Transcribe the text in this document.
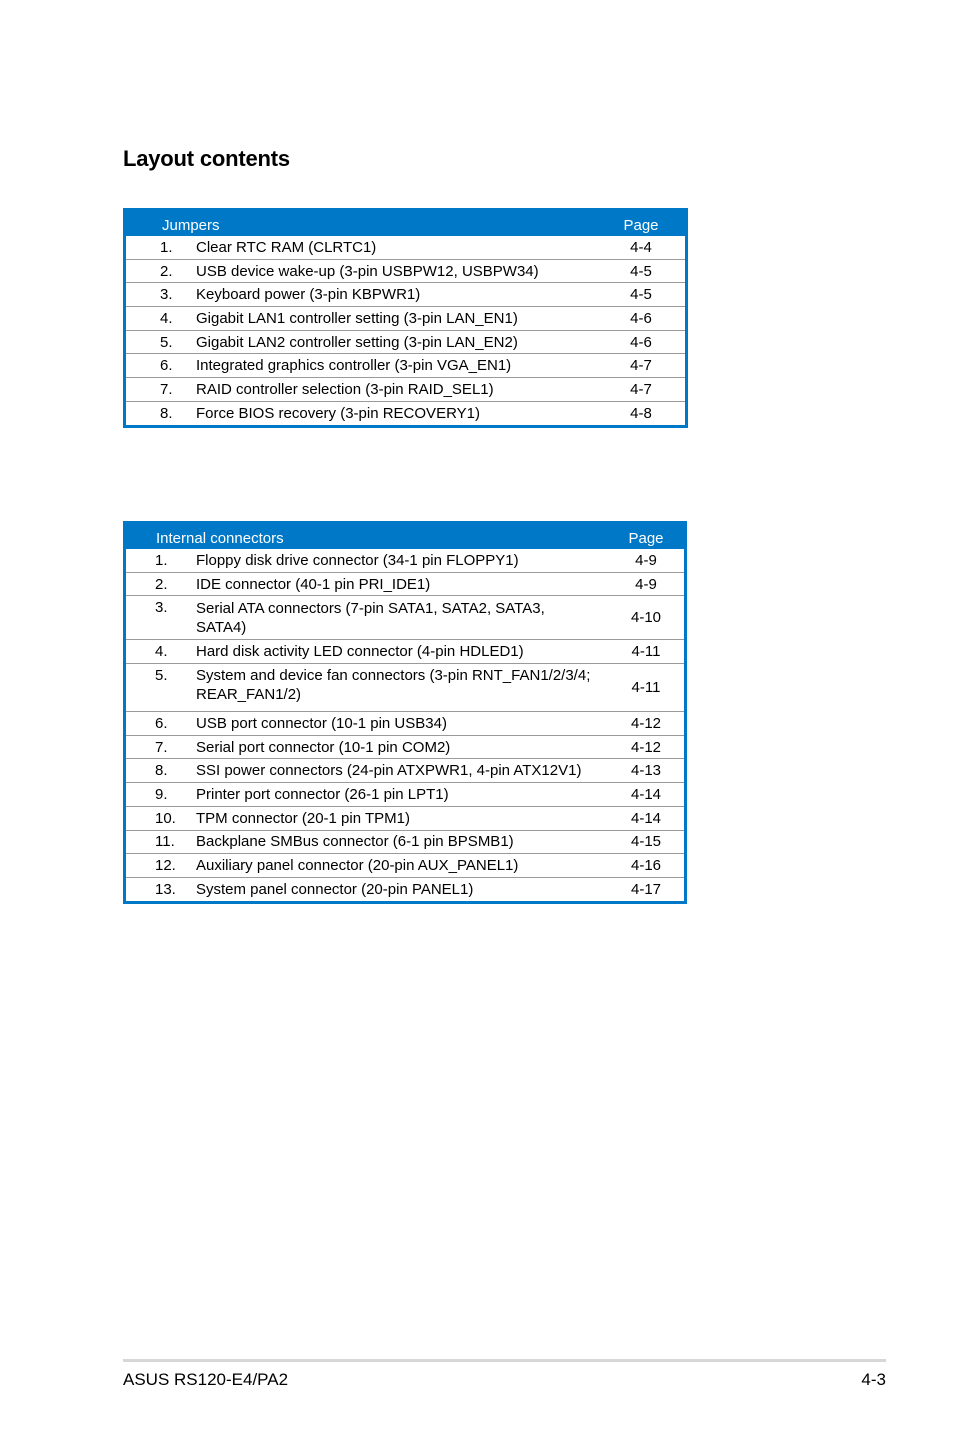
Layout contents
Jumpers		Page
1.	Clear RTC RAM (CLRTC1)	4-4
2.	USB device wake-up (3-pin USBPW12, USBPW34)	4-5
3.	Keyboard power (3-pin KBPWR1)	4-5
4.	Gigabit LAN1 controller setting (3-pin LAN_EN1)	4-6
5.	Gigabit LAN2 controller setting (3-pin LAN_EN2)	4-6
6.	Integrated graphics controller (3-pin VGA_EN1)	4-7
7.	RAID controller selection (3-pin RAID_SEL1)	4-7
8.	Force BIOS recovery (3-pin RECOVERY1)	4-8
Internal connectors		Page
1.	Floppy disk drive connector (34-1 pin FLOPPY1)	4-9
2.	IDE connector (40-1 pin PRI_IDE1)	4-9
3.	Serial ATA connectors (7-pin SATA1, SATA2, SATA3, SATA4)	4-10
4.	Hard disk activity LED connector (4-pin HDLED1)	4-11
5.	System and device fan connectors (3-pin RNT_FAN1/2/3/4; REAR_FAN1/2)	4-11
6.	USB port connector (10-1 pin USB34)	4-12
7.	Serial port connector (10-1 pin COM2)	4-12
8.	SSI power connectors (24-pin ATXPWR1, 4-pin ATX12V1)	4-13
9.	Printer port connector (26-1 pin LPT1)	4-14
10.	TPM connector (20-1 pin TPM1)	4-14
11.	Backplane SMBus connector (6-1 pin BPSMB1)	4-15
12.	Auxiliary panel connector (20-pin AUX_PANEL1)	4-16
13.	System panel connector (20-pin PANEL1)	4-17
ASUS RS120-E4/PA2	4-3
